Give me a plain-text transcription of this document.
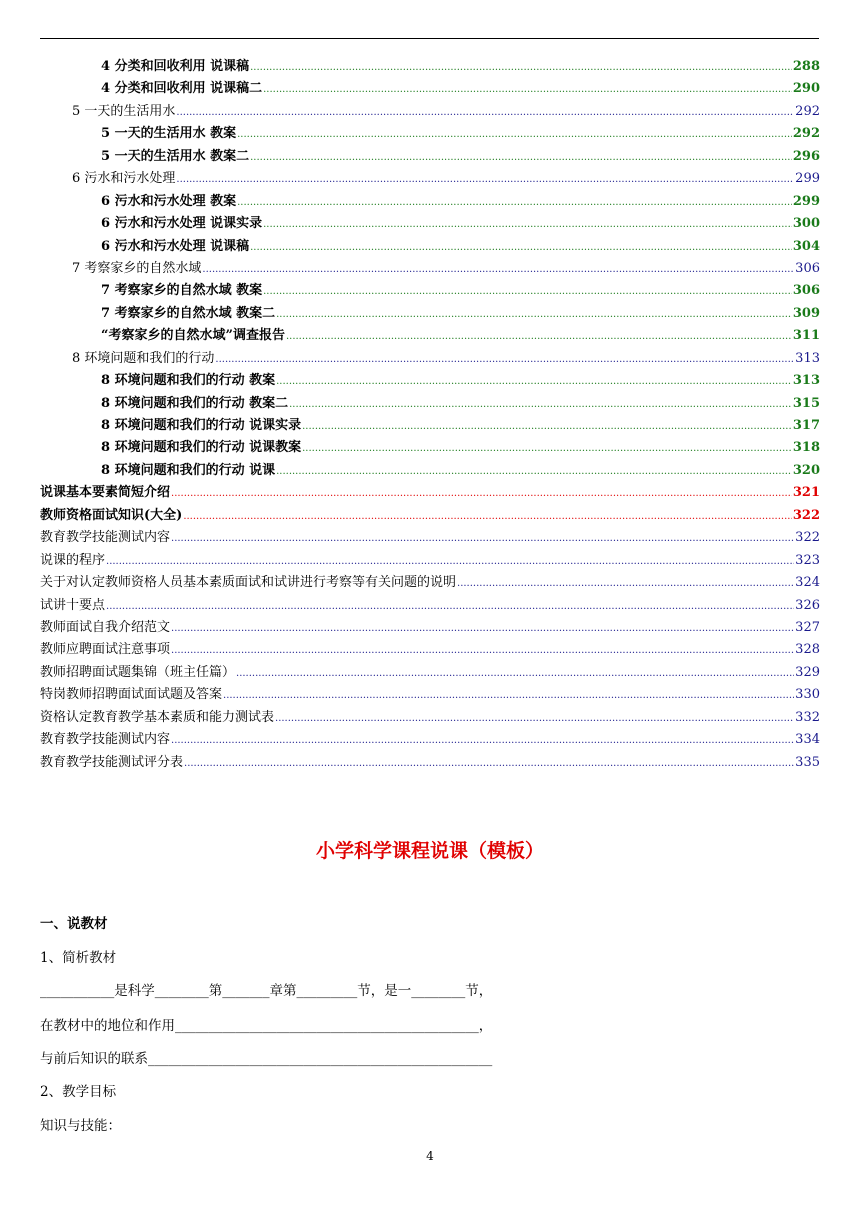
4 分类和回收利用 说课稿 .....	288
4 分类和回收利用 说课稿二 .....	290
5 一天的生活用水 .....	292
5 一天的生活用水 教案 .....	292
5 一天的生活用水 教案二 .....	296
6 污水和污水处理 .....	299
6 污水和污水处理 教案 .....	299
6 污水和污水处理 说课实录 .....	300
6 污水和污水处理 说课稿 .....	304
7 考察家乡的自然水域 .....	306
7 考察家乡的自然水域 教案 .....	306
7 考察家乡的自然水域 教案二 .....	309
“考察家乡的自然水域”调查报告 .....	311
8 环境问题和我们的行动 .....	313
8 环境问题和我们的行动 教案 .....	313
8 环境问题和我们的行动 教案二 .....	315
8 环境问题和我们的行动 说课实录 .....	317
8 环境问题和我们的行动 说课教案 .....	318
8 环境问题和我们的行动 说课 .....	320
说课基本要素简短介绍 .....	321
教师资格面试知识(大全) .....	322
教育教学技能测试内容 .....	322
说课的程序 .....	323
关于对认定教师资格人员基本素质面试和试讲进行考察等有关问题的说明 .....	324
试讲十要点 .....	326
教师面试自我介绍范文 .....	327
教师应聘面试注意事项 .....	328
教师招聘面试题集锦（班主任篇） .....	329
特岗教师招聘面试面试题及答案 .....	330
资格认定教育教学基本素质和能力测试表 .....	332
教育教学技能测试内容 .....	334
教育教学技能测试评分表 .....	335
小学科学课程说课（模板）
一、说教材
1、简析教材
___________是科学________第_______章第_________节，是一________节，
在教材中的地位和作用_____________________________________________，
与前后知识的联系___________________________________________________
2、教学目标
知识与技能：
4
